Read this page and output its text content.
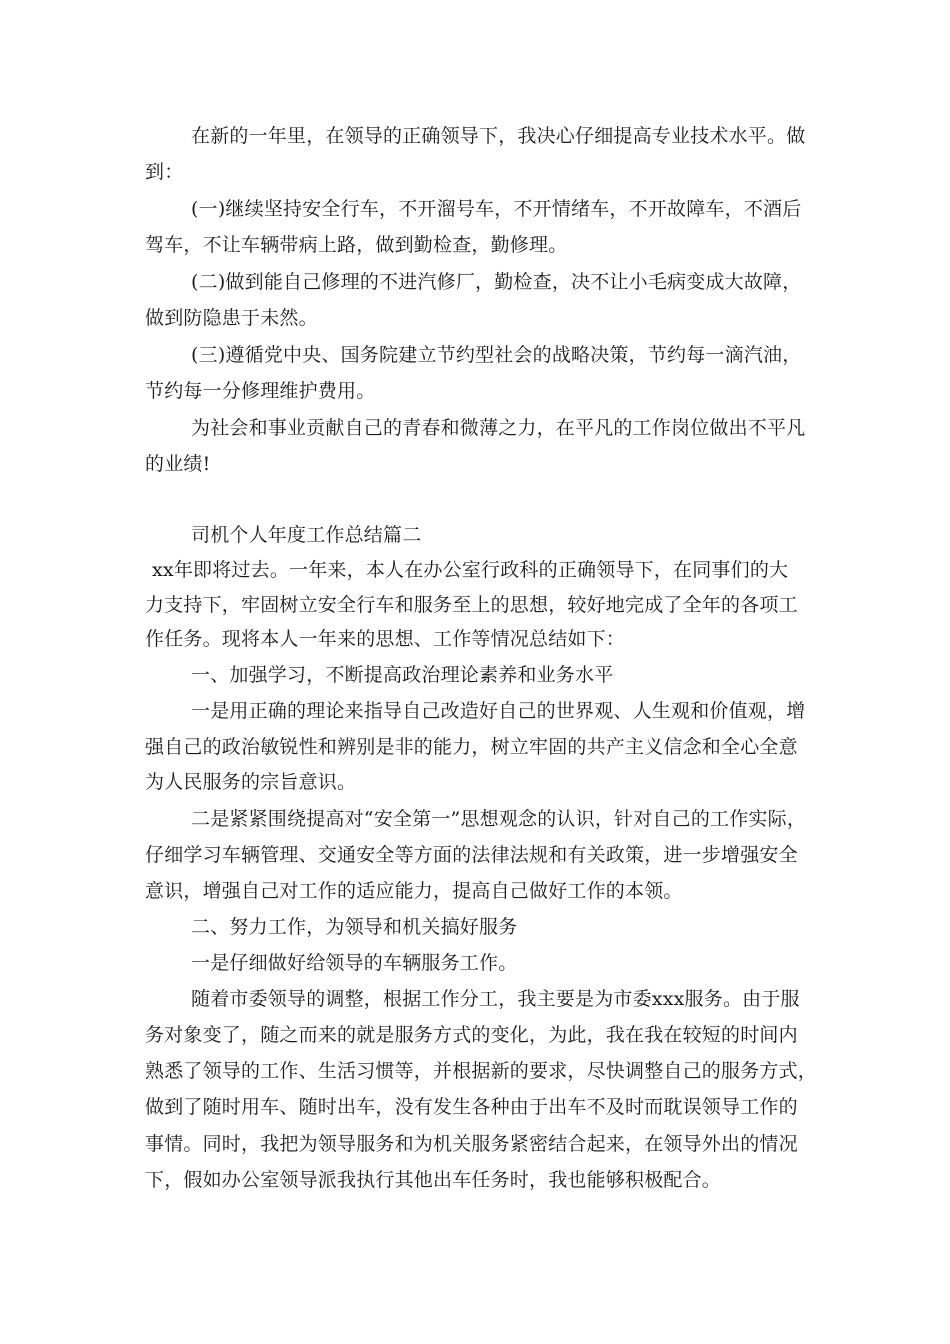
在新的一年里，在领导的正确领导下，我决心仔细提高专业技术水平。做
到：
(一)继续坚持安全行车，不开溜号车，不开情绪车，不开故障车，不酒后
驾车，不让车辆带病上路，做到勤检查，勤修理。
(二)做到能自己修理的不进汽修厂，勤检查，决不让小毛病变成大故障，
做到防隐患于未然。
(三)遵循党中央、国务院建立节约型社会的战略决策，节约每一滴汽油，
节约每一分修理维护费用。
为社会和事业贡献自己的青春和微薄之力，在平凡的工作岗位做出不平凡
的业绩!
司机个人年度工作总结篇二
xx年即将过去。一年来，本人在办公室行政科的正确领导下，在同事们的大
力支持下，牢固树立安全行车和服务至上的思想，较好地完成了全年的各项工
作任务。现将本人一年来的思想、工作等情况总结如下：
一、加强学习，不断提高政治理论素养和业务水平
一是用正确的理论来指导自己改造好自己的世界观、人生观和价值观，增
强自己的政治敏锐性和辨别是非的能力，树立牢固的共产主义信念和全心全意
为人民服务的宗旨意识。
二是紧紧围绕提高对“安全第一”思想观念的认识，针对自己的工作实际，
仔细学习车辆管理、交通安全等方面的法律法规和有关政策，进一步增强安全
意识，增强自己对工作的适应能力，提高自己做好工作的本领。
二、努力工作，为领导和机关搞好服务
一是仔细做好给领导的车辆服务工作。
随着市委领导的调整，根据工作分工，我主要是为市委xxx服务。由于服
务对象变了，随之而来的就是服务方式的变化，为此，我在我在较短的时间内
熟悉了领导的工作、生活习惯等，并根据新的要求，尽快调整自己的服务方式，
做到了随时用车、随时出车，没有发生各种由于出车不及时而耽误领导工作的
事情。同时，我把为领导服务和为机关服务紧密结合起来，在领导外出的情况
下，假如办公室领导派我执行其他出车任务时，我也能够积极配合。
